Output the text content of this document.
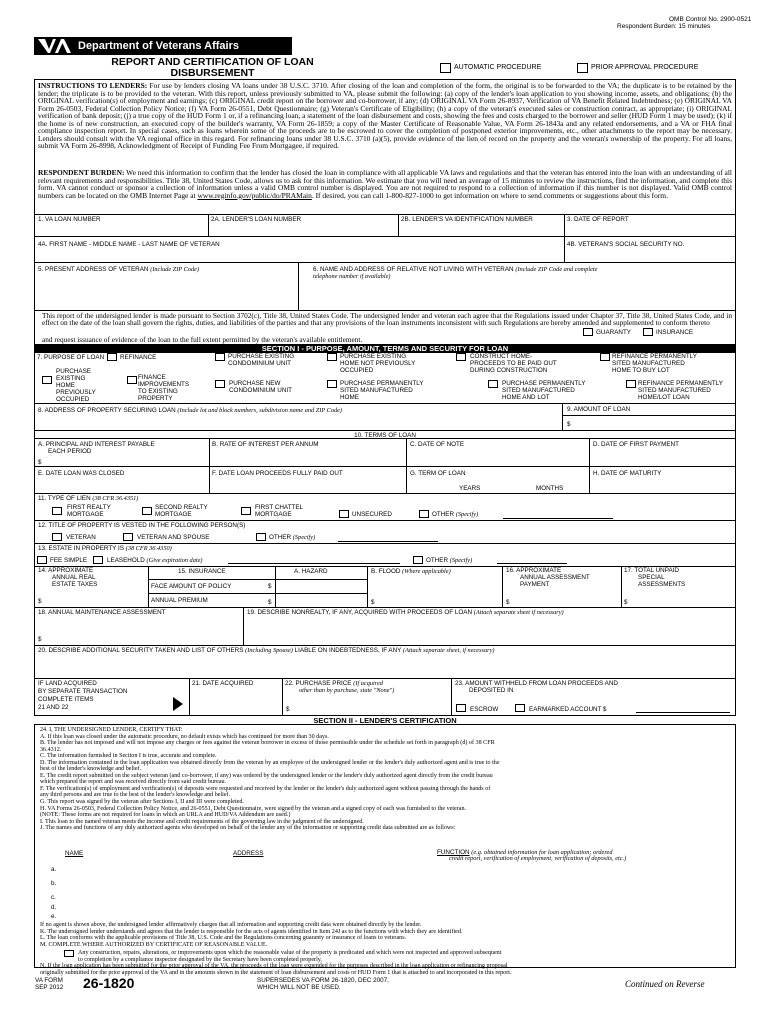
OMB Control No. 2900-0521
Respondent Burden: 15 minutes
Department of Veterans Affairs
REPORT AND CERTIFICATION OF LOAN
DISBURSEMENT	AUTOMATIC PROCEDURE	PRIOR APPROVAL PROCEDURE
INSTRUCTIONS TO LENDERS: For use by lenders closing VA loans under 38 U.S.C. 3710. After closing of the loan and completion of the form, the original is to be forwarded to the VA; the duplicate is to be retained by the lender; the triplicate is to be provided to the veteran. With this report, unless previously submitted to VA, please submit the following: (a) copy of the lender's loan application to you showing income, assets, and obligations; (b) the ORIGINAL verification(s) of employment and earnings; (c) ORIGINAL credit report on the borrower and co-borrower, if any; (d) ORIGINAL VA Form 26-8937, Verification of VA Benefit Related Indebtedness; (e) ORIGINAL VA Form 26-0503, Federal Collection Policy Notice; (f) VA Form 26-0551, Debt Questionnaire; (g) Veteran's Certificate of Eligibility; (h) a copy of the veteran's executed sales or construction contract, as appropriate; (i) ORIGINAL verification of bank deposit; (j) a true copy of the HUD Form 1 or, if a refinancing loan, a statement of the loan disbursement and costs, showing the fees and costs charged to the borrower and seller (HUD Form 1 may be used); (k) if the home is of new construction, an executed copy of the builder's warranty, VA Form 26-1859; a copy of the Master Certificate of Reasonable Value, VA Form 26-1843a and any related endorsements, and a VA or FHA final compliance inspection report. In special cases, such as loans wherein some of the proceeds are to be escrowed to cover the completion of postponed exterior improvements, etc., other attachments to the report may be necessary. Lenders should consult with the VA regional office in this regard. For refinancing loans under 38 U.S.C. 3710 (a)(5), provide evidence of the lien of record on the property and the veteran's ownership of the property. For all loans, submit VA Form 26-8998, Acknowledgment of Receipt of Funding Fee From Mortgagee, if required.
RESPONDENT BURDEN: We need this information to confirm that the lender has closed the loan in compliance with all applicable VA laws and regulations and that the veteran has entered into the loan with an understanding of all relevant requirements and responsibilities. Title 38, United States Code, allows us to ask for this information. We estimate that you will need an average of 15 minutes to review the instructions, find the information, and complete this form. VA cannot conduct or sponsor a collection of information unless a valid OMB control number is displayed. You are not required to respond to a collection of information if this number is not displayed. Valid OMB control numbers can be located on the OMB Internet Page at www.reginfo.gov/public/do/PRAMain. If desired, you can call 1-800-827-1000 to get information on where to send comments or suggestions about this form.
1. VA LOAN NUMBER	2A. LENDER'S LOAN NUMBER	2B. LENDER'S VA IDENTIFICATION NUMBER	3. DATE OF REPORT
4A. FIRST NAME - MIDDLE NAME - LAST NAME OF VETERAN	4B. VETERAN'S SOCIAL SECURITY NO.
5. PRESENT ADDRESS OF VETERAN (Include ZIP Code)	6. NAME AND ADDRESS OF RELATIVE NOT LIVING WITH VETERAN (Include ZIP Code and complete
telephone number if available)
This report of the undersigned lender is made pursuant to Section 3702(c), Title 38, United States Code. The undersigned lender and veteran each agree that the Regulations issued under Chapter 37, Title 38, United States Code, and in effect on the date of the loan shall govern the rights, duties, and liabilities of the parties and that any provisions of the loan instruments inconsistent with such Regulations are hereby amended and supplemented to conform thereto
GUARANTY	INSURANCE
and request issuance of evidence of the loan to the full extent permitted by the veteran's available entitlement.
SECTION I - PURPOSE, AMOUNT, TERMS AND SECURITY FOR LOAN
7. PURPOSE OF LOAN	REFINANCE	PURCHASE EXISTING
CONDOMINIUM UNIT
PURCHASE EXISTING
HOME NOT PREVIOUSLY
OCCUPIED
CONSTRUCT HOME-
PROCEEDS TO BE PAID OUT
DURING CONSTRUCTION
REFINANCE PERMANENTLY
SITED MANUFACTURED
HOME TO BUY LOT
PURCHASE
EXISTING
HOME
PREVIOUSLY
OCCUPIED
FINANCE
IMPROVEMENTS
TO EXISTING
PROPERTY
PURCHASE NEW
CONDOMINIUM UNIT
PURCHASE PERMANENTLY
SITED MANUFACTURED
HOME
PURCHASE PERMANENTLY
SITED MANUFACTURED
HOME AND LOT
REFINANCE PERMANENTLY
SITED MANUFACTURED
HOME/LOT LOAN
8. ADDRESS OF PROPERTY SECURING LOAN (Include lot and block numbers, subdivision name and ZIP Code)	9. AMOUNT OF LOAN
$
10. TERMS OF LOAN
A. PRINCIPAL AND INTEREST PAYABLE
EACH PERIOD
$
B. RATE OF INTEREST PER ANNUM	C. DATE OF NOTE	D. DATE OF FIRST PAYMENT
E. DATE LOAN WAS CLOSED	F. DATE LOAN PROCEEDS FULLY PAID OUT	G. TERM OF LOAN
YEARS	MONTHS
H. DATE OF MATURITY
11. TYPE OF LIEN (38 CFR 36.4351)
FIRST REALTY
MORTGAGE
SECOND REALTY
MORTGAGE
FIRST CHATTEL
MORTGAGE	UNSECURED	OTHER (Specify)
12. TITLE OF PROPERTY IS VESTED IN THE FOLLOWING PERSON(S)
VETERAN	VETERAN AND SPOUSE	OTHER (Specify)
13. ESTATE IN PROPERTY IS (38 CFR 36.4350)
FEE SIMPLE	LEASEHOLD (Give expiration date)	OTHER (Specify)
14. APPROXIMATE
ANNUAL REAL
ESTATE TAXES
$
15. INSURANCE	A. HAZARD	B. FLOOD (Where applicable)
FACE AMOUNT OF POLICY	$
ANNUAL PREMIUM	$	$
16. APPROXIMATE
ANNUAL ASSESSMENT
PAYMENT
$
17. TOTAL UNPAID
SPECIAL
ASSESSMENTS
$
18. ANNUAL MAINTENANCE ASSESSMENT
$
19. DESCRIBE NONREALTY, IF ANY, ACQUIRED WITH PROCEEDS OF LOAN (Attach separate sheet if necessary)
20. DESCRIBE ADDITIONAL SECURITY TAKEN AND LIST OF OTHERS (Including Spouse) LIABLE ON INDEBTEDNESS, IF ANY (Attach separate sheet, if necessary)
IF LAND ACQUIRED
BY SEPARATE TRANSACTION
COMPLETE ITEMS
21 AND 22
21. DATE ACQUIRED	22. PURCHASE PRICE (If acquired
other than by purchase, state "None")
$
23. AMOUNT WITHHELD FROM LOAN PROCEEDS AND
DEPOSITED IN
ESCROW	EARMARKED ACCOUNT $
SECTION II - LENDER'S CERTIFICATION
24. I, THE UNDERSIGNED LENDER, CERTIFY THAT:
A. If this loan was closed under the automatic procedure, no default exists which has continued for more than 30 days.
B. The lender has not imposed and will not impose any charges or fees against the veteran borrower in excess of those permissible under the schedule set forth in paragraph (d) of 38 CFR
36.4312.
C. The information furnished in Section I is true, accurate and complete.
D. The information contained in the loan application was obtained directly from the veteran by an employee of the undersigned lender or the lender's duly authorized agent and is true to the
best of the lender's knowledge and belief.
E. The credit report submitted on the subject veteran (and co-borrower, if any) was ordered by the undersigned lender or the lender's duly authorized agent directly from the credit bureau
which prepared the report and was received directly from said credit bureau.
F. The verification(s) of employment and verification(s) of deposits were requested and received by the lender or the lender's duly authorized agent without passing through the hands of
any third persons and are true to the best of the lender's knowledge and belief.
G. This report was signed by the veteran after Sections I, II and III were completed.
H. VA Forms 26-0503, Federal Collection Policy Notice, and 26-0551, Debt Questionnaire, were signed by the veteran and a signed copy of each was furnished to the veteran.
(NOTE: These forms are not required for loans in which an URLA and HUD/VA Addendum are used.)
I. This loan to the named veteran meets the income and credit requirements of the governing law in the judgment of the undersigned.
J. The names and functions of any duly authorized agents who developed on behalf of the lender any of the information or supporting credit data submitted are as follows:
NAME	ADDRESS	FUNCTION (e.g. obtained information for loan application; ordered
credit report, verification of employment, verification of deposits, etc.)
a.
b.
c.
d.
e.
If no agent is shown above, the undersigned lender affirmatively charges that all information and supporting credit data were obtained directly by the lender.
K. The undersigned lender understands and agrees that the lender is responsible for the acts of agents identified in Item 24J as to the functions with which they are identified.
L. The loan conforms with the applicable provisions of Title 38, U.S. Code and the Regulations concerning guaranty or insurance of loans to veterans.
M. COMPLETE WHERE AUTHORIZED BY CERTIFICATE OF REASONABLE VALUE.
Any construction, repairs, alterations, or improvements upon which the reasonable value of the property is predicated and which were not inspected and approved subsequent
to completion by a compliance inspector designated by the Secretary have been completed properly.
N. If the loan application has been submitted for the prior approval of the VA, the proceeds of the loan were expended for the purposes described in the loan application or refinancing proposal
originally submitted for the prior approval of the VA and in the amounts shown in the statement of loan disbursement and costs or HUD Form 1 that is attached to and incorporated in this report.
VA FORM
SEP 2012 26-1820	SUPERSEDES VA FORM 26-1820, DEC 2007,
WHICH WILL NOT BE USED.	Continued on Reverse
